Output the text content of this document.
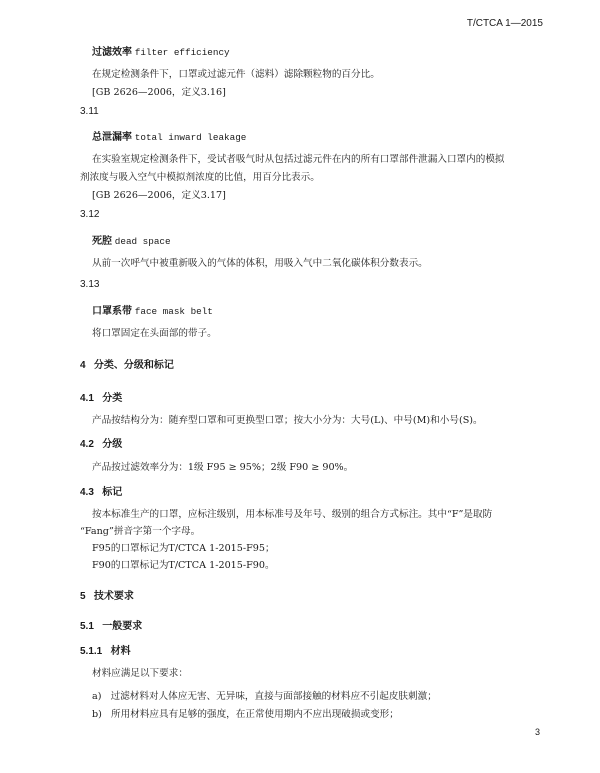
T/CTCA 1—2015
过滤效率 filter efficiency
在规定检测条件下，口罩或过滤元件（滤料）滤除颗粒物的百分比。
[GB 2626—2006，定义3.16]
3.11
总泄漏率 total inward leakage
在实验室规定检测条件下，受试者吸气时从包括过滤元件在内的所有口罩部件泄漏入口罩内的模拟
剂浓度与吸入空气中模拟剂浓度的比值，用百分比表示。
[GB 2626—2006，定义3.17]
3.12
死腔 dead space
从前一次呼气中被重新吸入的气体的体积，用吸入气中二氧化碳体积分数表示。
3.13
口罩系带 face mask belt
将口罩固定在头面部的带子。
4 分类、分级和标记
4.1 分类
产品按结构分为：随弃型口罩和可更换型口罩；按大小分为：大号(L)、中号(M)和小号(S)。
4.2 分级
产品按过滤效率分为：1级 F95 ≥ 95%；2级 F90 ≥ 90%。
4.3 标记
按本标准生产的口罩，应标注级别，用本标准号及年号、级别的组合方式标注。其中“F”是取防
“Fang”拼音字第一个字母。
F95的口罩标记为T/CTCA 1-2015-F95；
F90的口罩标记为T/CTCA 1-2015-F90。
5 技术要求
5.1 一般要求
5.1.1 材料
材料应满足以下要求：
a) 过滤材料对人体应无害、无异味，直接与面部接触的材料应不引起皮肤刺激；
b) 所用材料应具有足够的强度，在正常使用期内不应出现破损或变形；
3
